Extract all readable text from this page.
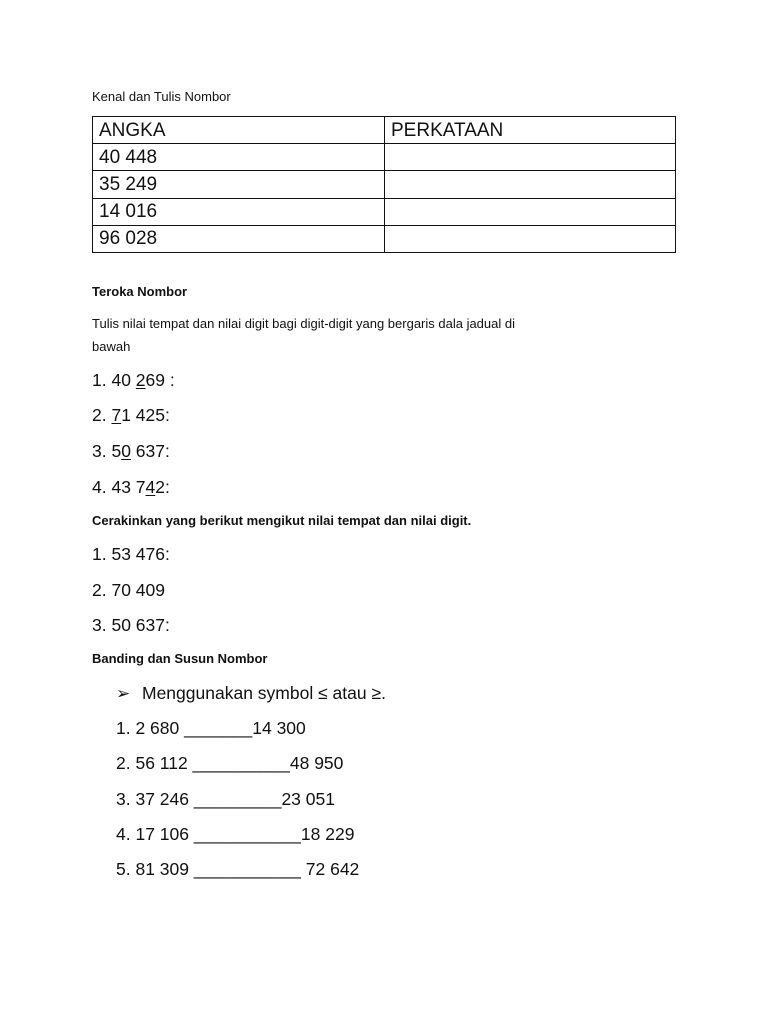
Kenal dan Tulis Nombor
ANGKA	PERKATAAN
40 448	
35 249	
14 016	
96 028	
Teroka Nombor
Tulis nilai tempat dan nilai digit bagi digit-digit yang bergaris dala jadual di
bawah
1. 40 269 :
2. 71 425:
3. 50 637:
4. 43 742:
Cerakinkan yang berikut mengikut nilai tempat dan nilai digit.
1. 53 476:
2. 70 409
3. 50 637:
Banding dan Susun Nombor
➢ Menggunakan symbol ≤ atau ≥.
1. 2 680 _______14 300
2. 56 112 __________48 950
3. 37 246 _________23 051
4. 17 106 ___________18 229
5. 81 309 ___________ 72 642
